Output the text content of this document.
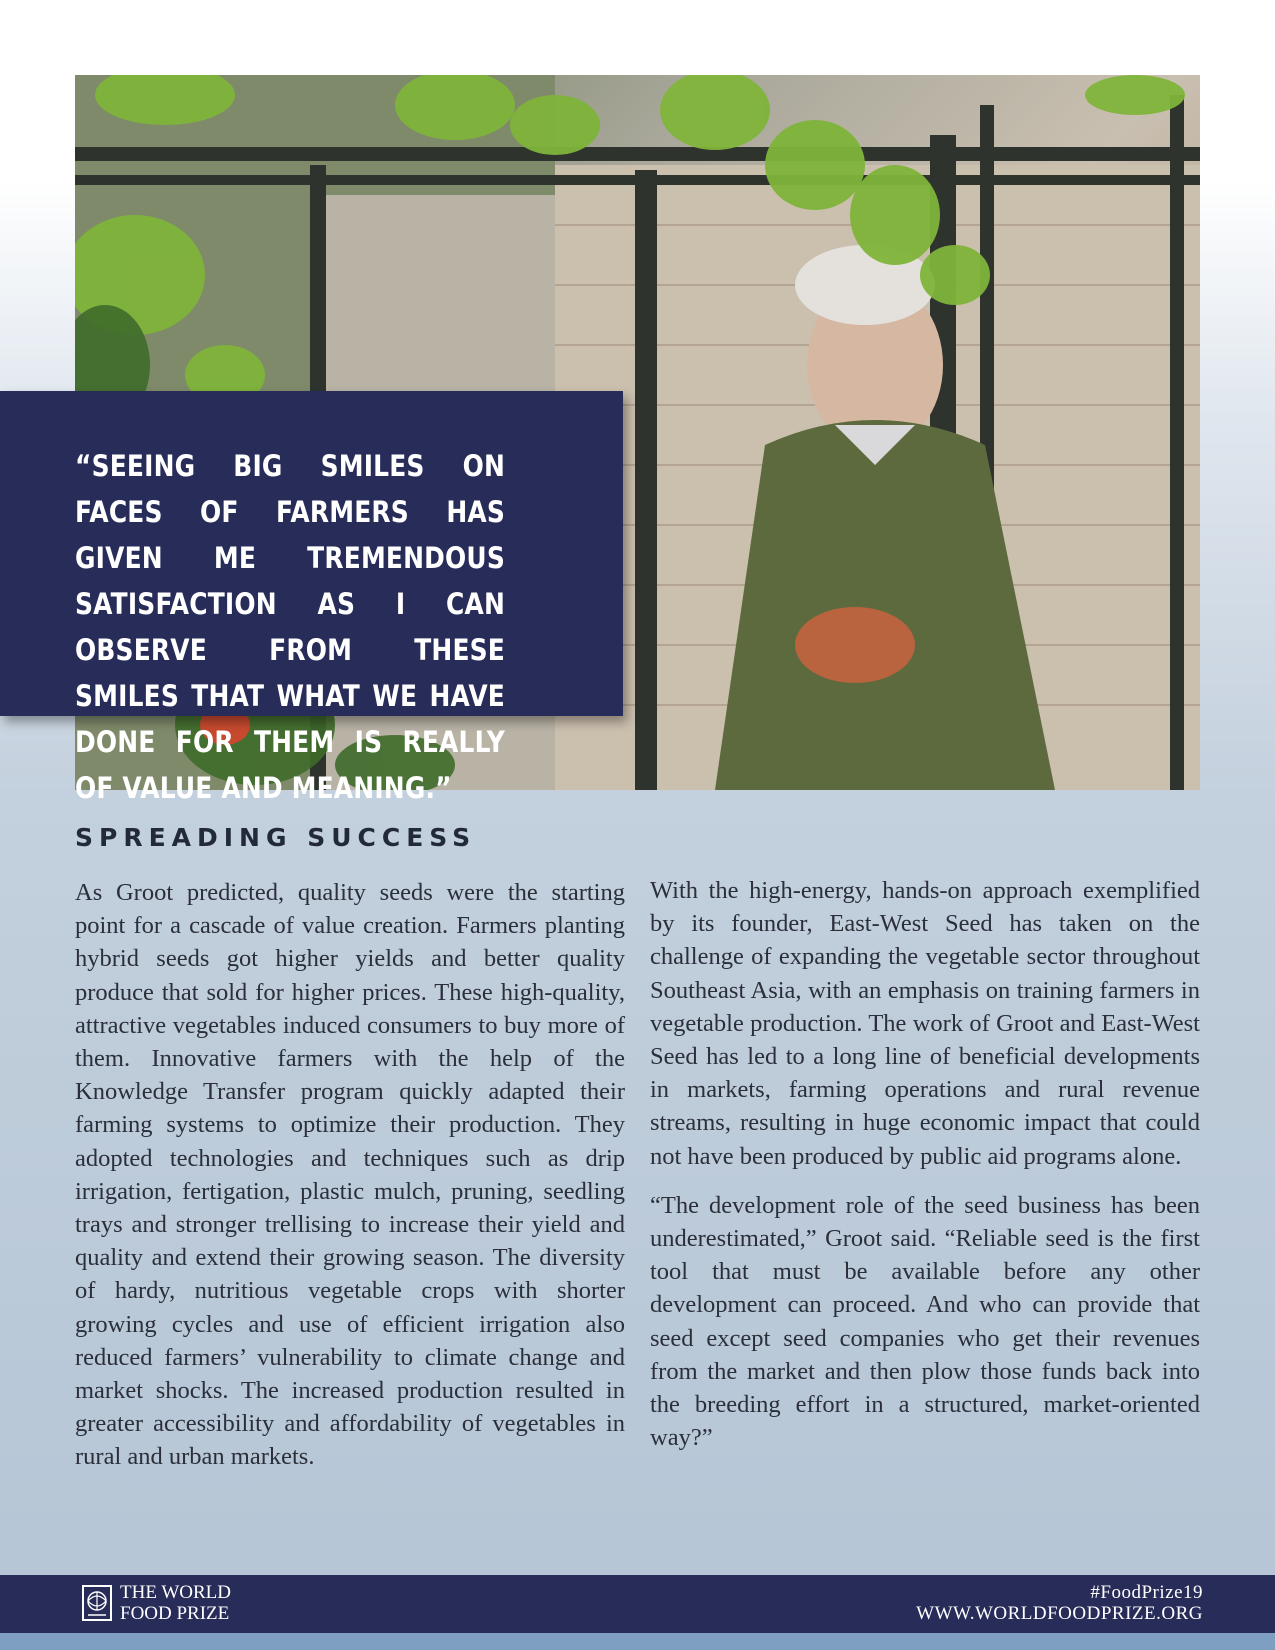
“SEEING BIG SMILES ON FACES OF FARMERS HAS GIVEN ME TREMENDOUS SATISFACTION AS I CAN OBSERVE FROM THESE SMILES THAT WHAT WE HAVE DONE FOR THEM IS REALLY OF VALUE AND MEANING.”
SPREADING SUCCESS

As Groot predicted, quality seeds were the starting point for a cascade of value creation. Farmers planting hybrid seeds got higher yields and better quality produce that sold for higher prices. These high-quality, attractive vegetables induced consumers to buy more of them. Innovative farmers with the help of the Knowledge Transfer program quickly adapted their farming systems to optimize their production. They adopted technologies and techniques such as drip irrigation, fertigation, plastic mulch, pruning, seedling trays and stronger trellising to increase their yield and quality and extend their growing season. The diversity of hardy, nutritious vegetable crops with shorter growing cycles and use of efficient irrigation also reduced farmers’ vulnerability to climate change and market shocks. The increased production resulted in greater accessibility and affordability of vegetables in rural and urban markets.

With the high-energy, hands-on approach exemplified by its founder, East-West Seed has taken on the challenge of expanding the vegetable sector throughout Southeast Asia, with an emphasis on training farmers in vegetable production. The work of Groot and East-West Seed has led to a long line of beneficial developments in markets, farming operations and rural revenue streams, resulting in huge economic impact that could not have been produced by public aid programs alone.

“The development role of the seed business has been underestimated,” Groot said. “Reliable seed is the first tool that must be available before any other development can proceed. And who can provide that seed except seed companies who get their revenues from the market and then plow those funds back into the breeding effort in a structured, market-oriented way?”

THE WORLD
FOOD PRIZE
#FoodPrize19
WWW.WORLDFOODPRIZE.ORG
